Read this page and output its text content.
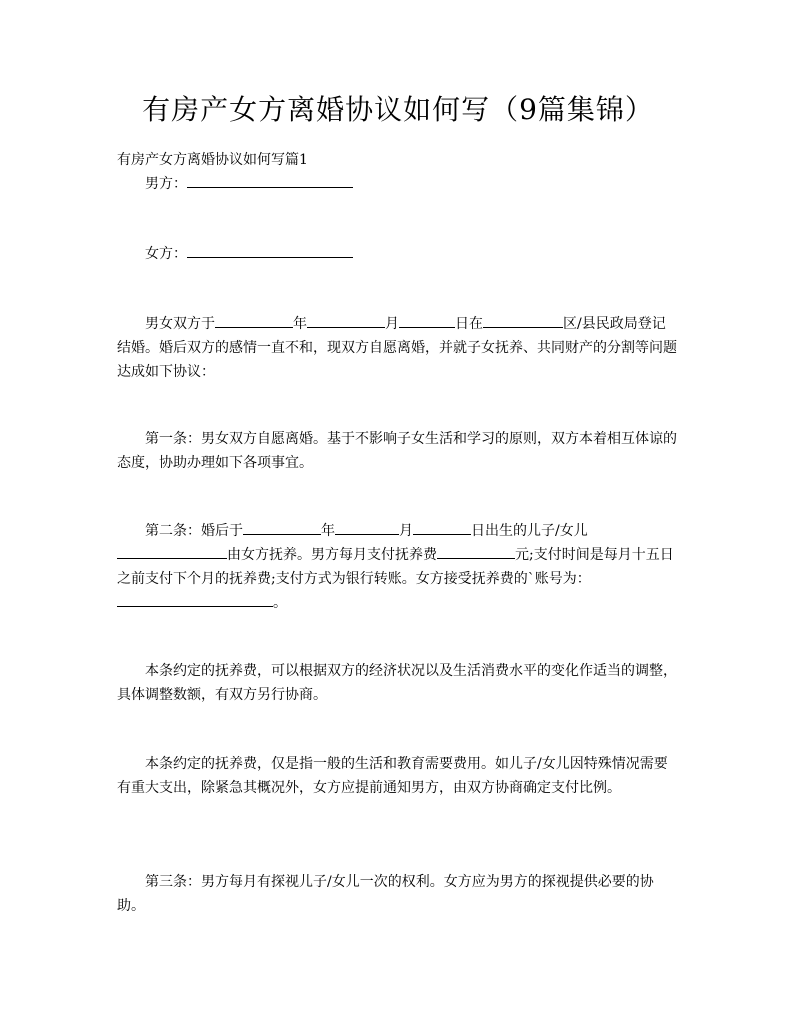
有房产女方离婚协议如何写（9篇集锦）
有房产女方离婚协议如何写篇1
男方：
女方：
男女双方于	年	月	日在	区/县民政局登记结婚。婚后双方的感情一直不和，现双方自愿离婚，并就子女抚养、共同财产的分割等问题达成如下协议：
第一条：男女双方自愿离婚。基于不影响子女生活和学习的原则，双方本着相互体谅的态度，协助办理如下各项事宜。
第二条：婚后于	年	月	日出生的儿子/女儿由女方抚养。男方每月支付抚养费	元;支付时间是每月十五日之前支付下个月的抚养费;支付方式为银行转账。女方接受抚养费的`账号为：。
本条约定的抚养费，可以根据双方的经济状况以及生活消费水平的变化作适当的调整，具体调整数额，有双方另行协商。
本条约定的抚养费，仅是指一般的生活和教育需要费用。如儿子/女儿因特殊情况需要有重大支出，除紧急其概况外，女方应提前通知男方，由双方协商确定支付比例。
第三条：男方每月有探视儿子/女儿一次的权利。女方应为男方的探视提供必要的协助。
